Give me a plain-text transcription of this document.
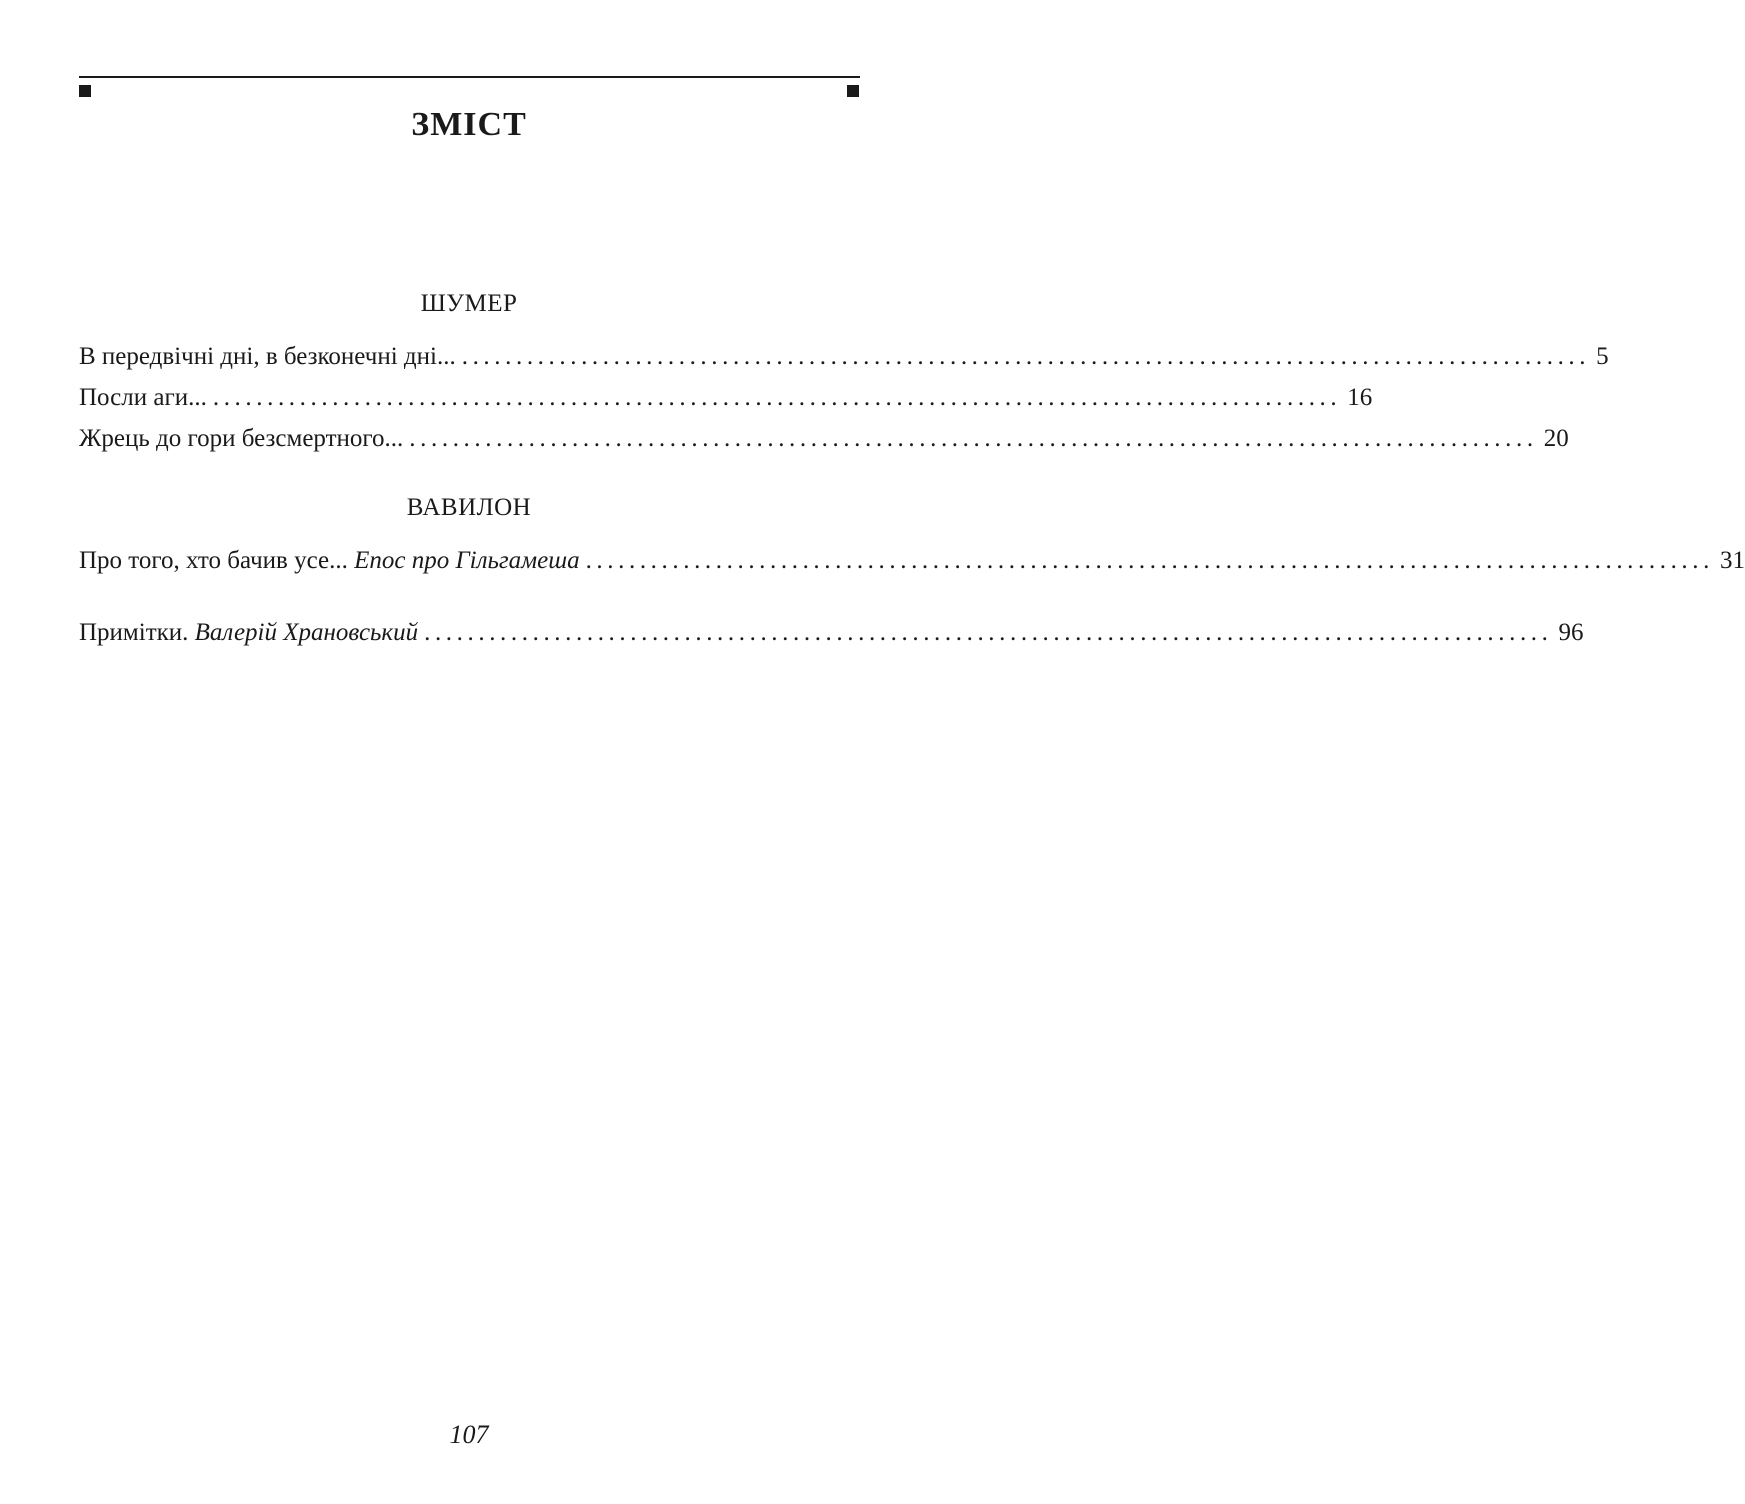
ЗМІСТ
ШУМЕР
В передвічні дні, в безконечні дні... ........................................................................................................ 5
Посли аги... ........................................................................................................ 16
Жрець до гори безсмертного... ........................................................................................................ 20
ВАВИЛОН
Про того, хто бачив усе... Епос про Гільгамеша ........................................................................................................ 31
Примітки. Валерій Храновський ........................................................................................................ 96
107
